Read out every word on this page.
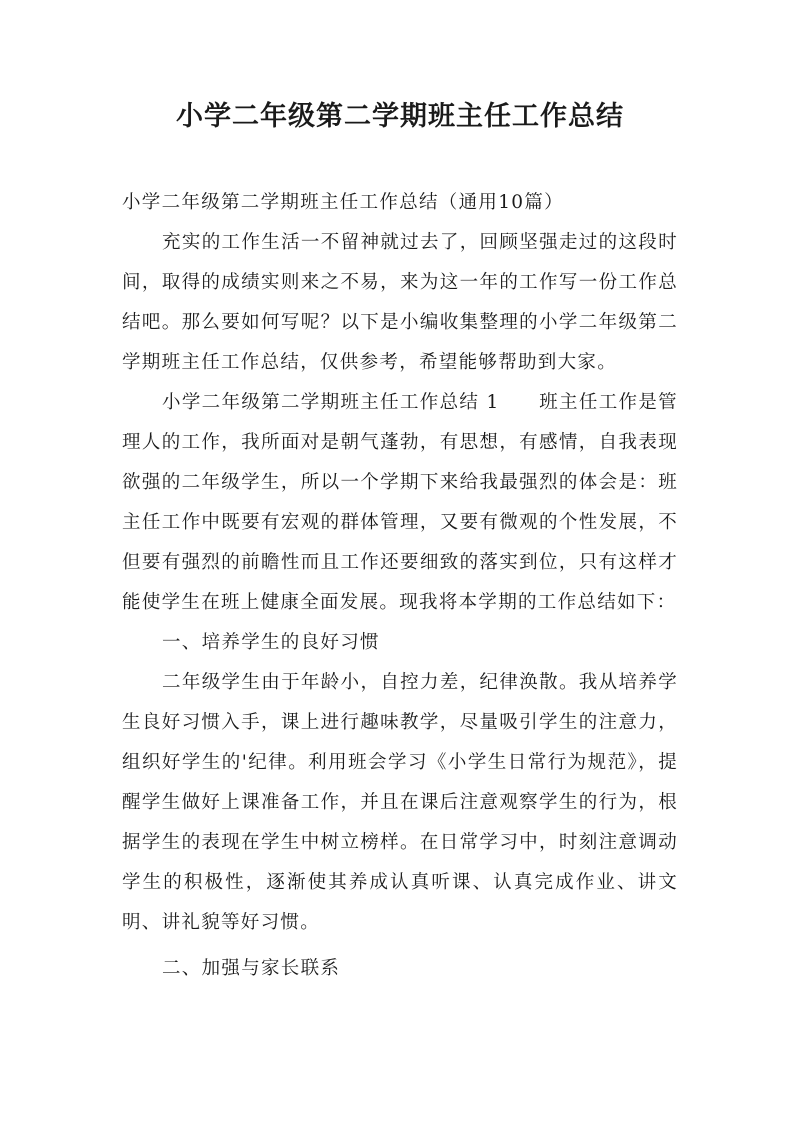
小学二年级第二学期班主任工作总结

小学二年级第二学期班主任工作总结（通用10篇）

充实的工作生活一不留神就过去了，回顾坚强走过的这段时间，取得的成绩实则来之不易，来为这一年的工作写一份工作总结吧。那么要如何写呢？以下是小编收集整理的小学二年级第二学期班主任工作总结，仅供参考，希望能够帮助到大家。

小学二年级第二学期班主任工作总结 1　　班主任工作是管理人的工作，我所面对是朝气蓬勃，有思想，有感情，自我表现欲强的二年级学生，所以一个学期下来给我最强烈的体会是：班主任工作中既要有宏观的群体管理，又要有微观的个性发展，不但要有强烈的前瞻性而且工作还要细致的落实到位，只有这样才能使学生在班上健康全面发展。现我将本学期的工作总结如下：

一、培养学生的良好习惯

二年级学生由于年龄小，自控力差，纪律涣散。我从培养学生良好习惯入手，课上进行趣味教学，尽量吸引学生的注意力，组织好学生的'纪律。利用班会学习《小学生日常行为规范》，提醒学生做好上课准备工作，并且在课后注意观察学生的行为，根据学生的表现在学生中树立榜样。在日常学习中，时刻注意调动学生的积极性，逐渐使其养成认真听课、认真完成作业、讲文明、讲礼貌等好习惯。

二、加强与家长联系
